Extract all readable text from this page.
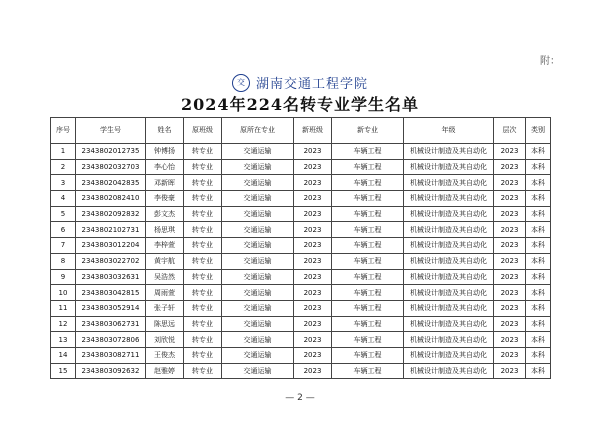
附：
交 湖南交通工程学院
2024年224名转专业学生名单
序号	学生号	姓名	原班级	原所在专业	新班级	新专业	年级	层次	类别
1	2343802012735	钟博扬	转专业	交通运输	2023	车辆工程	机械设计制造及其自动化	2023	本科
2	2343802032703	李心怡	转专业	交通运输	2023	车辆工程	机械设计制造及其自动化	2023	本科
3	2343802042835	邓新晖	转专业	交通运输	2023	车辆工程	机械设计制造及其自动化	2023	本科
4	2343802082410	李俊豪	转专业	交通运输	2023	车辆工程	机械设计制造及其自动化	2023	本科
5	2343802092832	彭文杰	转专业	交通运输	2023	车辆工程	机械设计制造及其自动化	2023	本科
6	2343802102731	杨思琪	转专业	交通运输	2023	车辆工程	机械设计制造及其自动化	2023	本科
7	2343803012204	李梓萱	转专业	交通运输	2023	车辆工程	机械设计制造及其自动化	2023	本科
8	2343803022702	黄宇航	转专业	交通运输	2023	车辆工程	机械设计制造及其自动化	2023	本科
9	2343803032631	吴浩然	转专业	交通运输	2023	车辆工程	机械设计制造及其自动化	2023	本科
10	2343803042815	周雨萱	转专业	交通运输	2023	车辆工程	机械设计制造及其自动化	2023	本科
11	2343803052914	张子轩	转专业	交通运输	2023	车辆工程	机械设计制造及其自动化	2023	本科
12	2343803062731	陈思远	转专业	交通运输	2023	车辆工程	机械设计制造及其自动化	2023	本科
13	2343803072806	刘欣悦	转专业	交通运输	2023	车辆工程	机械设计制造及其自动化	2023	本科
14	2343803082711	王俊杰	转专业	交通运输	2023	车辆工程	机械设计制造及其自动化	2023	本科
15	2343803092632	赵雅婷	转专业	交通运输	2023	车辆工程	机械设计制造及其自动化	2023	本科
— 2 —
